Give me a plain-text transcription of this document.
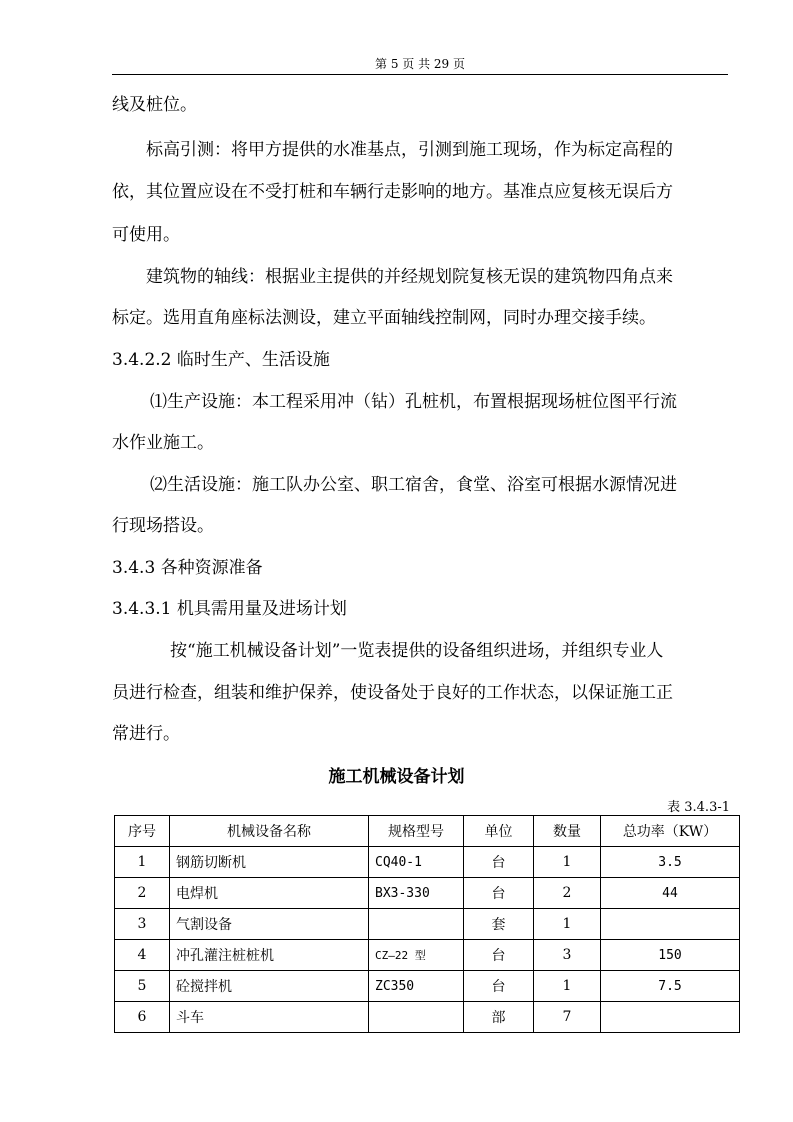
第 5 页 共 29 页
线及桩位。
标高引测：将甲方提供的水准基点，引测到施工现场，作为标定高程的
依，其位置应设在不受打桩和车辆行走影响的地方。基准点应复核无误后方
可使用。
建筑物的轴线：根据业主提供的并经规划院复核无误的建筑物四角点来
标定。选用直角座标法测设，建立平面轴线控制网，同时办理交接手续。
3.4.2.2 临时生产、生活设施
⑴生产设施：本工程采用冲（钻）孔桩机，布置根据现场桩位图平行流
水作业施工。
⑵生活设施：施工队办公室、职工宿舍，食堂、浴室可根据水源情况进
行现场搭设。
3.4.3 各种资源准备
3.4.3.1 机具需用量及进场计划
按“施工机械设备计划”一览表提供的设备组织进场，并组织专业人
员进行检查，组装和维护保养，使设备处于良好的工作状态，以保证施工正
常进行。
施工机械设备计划
表 3.4.3-1
序号	机械设备名称	规格型号	单位	数量	总功率（KW）
1	钢筋切断机	CQ40-1	台	1	3.5
2	电焊机	BX3-330	台	2	44
3	气割设备		套	1	
4	冲孔灌注桩桩机	CZ—22 型	台	3	150
5	砼搅拌机	ZC350	台	1	7.5
6	斗车		部	7	
